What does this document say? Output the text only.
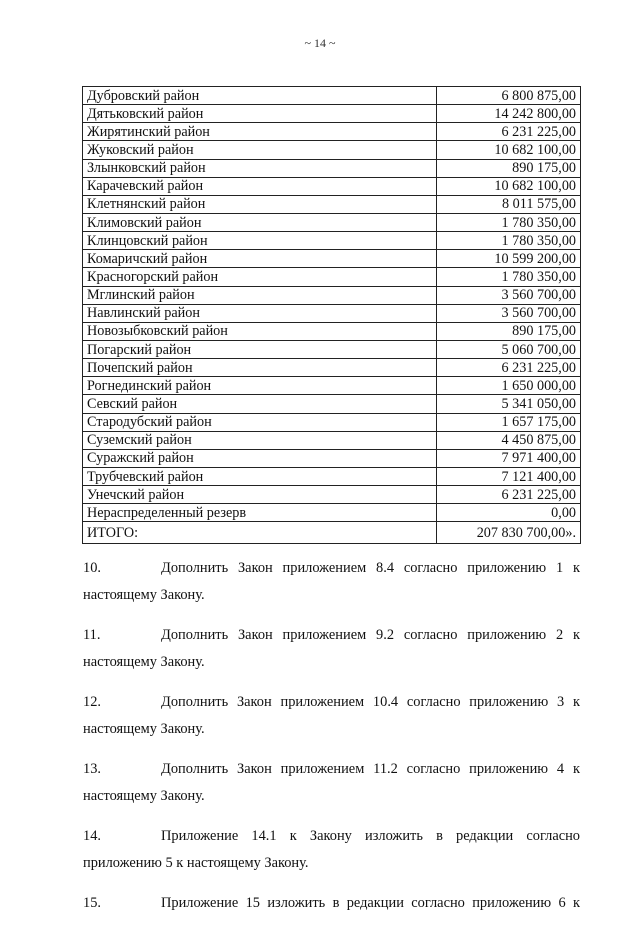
~ 14 ~
Дубровский район	6 800 875,00
Дятьковский район	14 242 800,00
Жирятинский район	6 231 225,00
Жуковский район	10 682 100,00
Злынковский район	890 175,00
Карачевский район	10 682 100,00
Клетнянский район	8 011 575,00
Климовский район	1 780 350,00
Клинцовский район	1 780 350,00
Комаричский район	10 599 200,00
Красногорский район	1 780 350,00
Мглинский район	3 560 700,00
Навлинский район	3 560 700,00
Новозыбковский район	890 175,00
Погарский район	5 060 700,00
Почепский район	6 231 225,00
Рогнединский район	1 650 000,00
Севский район	5 341 050,00
Стародубский район	1 657 175,00
Суземский район	4 450 875,00
Суражский район	7 971 400,00
Трубчевский район	7 121 400,00
Унечский район	6 231 225,00
Нераспределенный резерв	0,00
ИТОГО:	207 830 700,00».
10.	Дополнить Закон приложением 8.4 согласно приложению 1 к
настоящему Закону.
11.	Дополнить Закон приложением 9.2 согласно приложению 2 к
настоящему Закону.
12.	Дополнить Закон приложением 10.4 согласно приложению 3 к
настоящему Закону.
13.	Дополнить Закон приложением 11.2 согласно приложению 4 к
настоящему Закону.
14.	Приложение 14.1 к Закону изложить в редакции согласно
приложению 5 к настоящему Закону.
15.	Приложение 15 изложить в редакции согласно приложению 6 к
